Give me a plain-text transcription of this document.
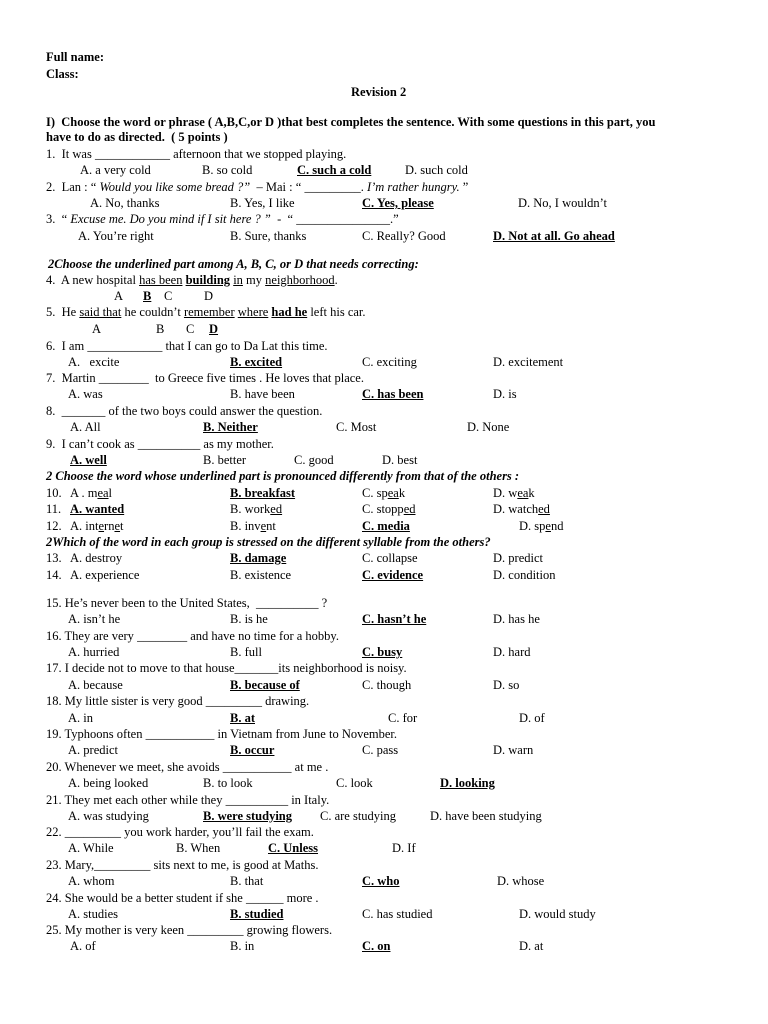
Full name:
Class:
Revision 2
I)  Choose the word or phrase ( A,B,C,or D )that best completes the sentence. With some questions in this part, you
have to do as directed.  ( 5 points )
1.  It was ____________ afternoon that we stopped playing.
A. a very cold	B. so cold	C. such a cold	D. such cold
2.  Lan : “ Would you like some bread ?”  – Mai : “ _________. I’m rather hungry. ”
A. No, thanks	B. Yes, I like	C. Yes, please	D. No, I wouldn’t
3.  “ Excuse me. Do you mind if I sit here ? ”  -  “ _______________.”
A. You’re right	B. Sure, thanks	C. Really? Good	D. Not at all. Go ahead
2Choose the underlined part among A, B, C, or D that needs correcting:
4.  A new hospital has been building in my neighborhood.
A B C	D
5.  He said that he couldn’t remember where had he left his car.
A	B C D
6.  I am ____________ that I can go to Da Lat this time.
A.   excite	B. excited	C. exciting	D. excitement
7.  Martin ________  to Greece five times . He loves that place.
A. was	B. have been	C. has been	D. is
8.  _______ of the two boys could answer the question.
A. All	B. Neither	C. Most	D. None
9.  I can’t cook as __________ as my mother.
A. well	B. better	C. good	D. best
2 Choose the word whose underlined part is pronounced differently from that of the others :
10. A . meal	B. breakfast	C. speak	D. weak
11. A. wanted	B. worked	C. stopped	D. watched
12. A. internet	B. invent	C. media	D. spend
2Which of the word in each group is stressed on the different syllable from the others?
13. A. destroy	B. damage	C. collapse	D. predict
14. A. experience	B. existence	C. evidence	D. condition
15. He’s never been to the United States,  __________ ?
A. isn’t he	B. is he	C. hasn’t he	D. has he
16. They are very ________ and have no time for a hobby.
A. hurried	B. full	C. busy	D. hard
17. I decide not to move to that house_______its neighborhood is noisy.
A. because	B. because of	C. though	D. so
18. My little sister is very good _________ drawing.
A. in	B. at	C. for	D. of
19. Typhoons often ___________ in Vietnam from June to November.
A. predict	B. occur	C. pass	D. warn
20. Whenever we meet, she avoids ___________ at me .
A. being looked	B. to look	C. look	D. looking
21. They met each other while they __________ in Italy.
A. was studying	B. were studying C. are studying	D. have been studying
22. _________ you work harder, you’ll fail the exam.
A. While	B. When	C. Unless	D. If
23. Mary,_________ sits next to me, is good at Maths.
A. whom	B. that	C. who	D. whose
24. She would be a better student if she ______ more .
A. studies	B. studied	C. has studied	D. would study
25. My mother is very keen _________ growing flowers.
A. of	B. in	C. on	D. at
